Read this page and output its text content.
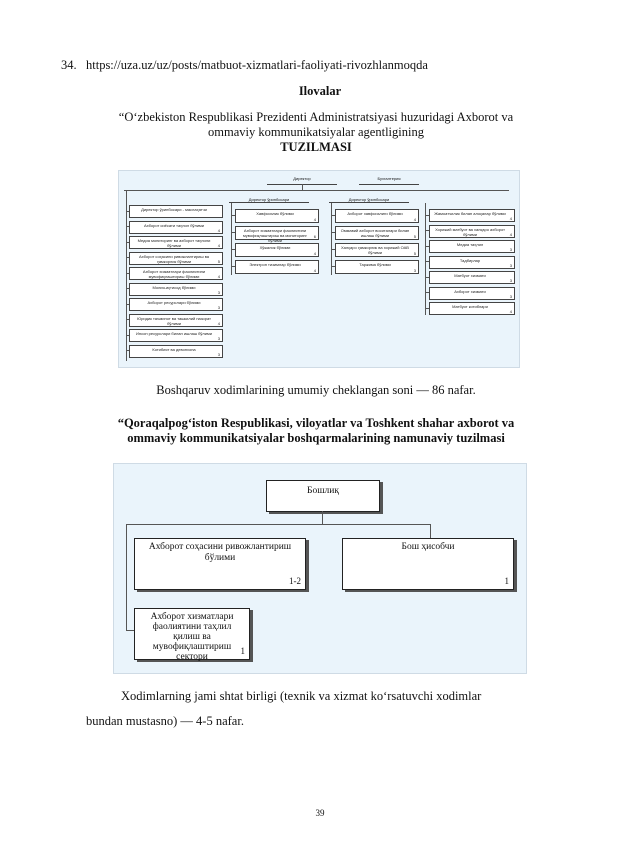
34. https://uza.uz/uz/posts/matbuot-xizmatlari-faoliyati-rivozhlanmoqda
Ilovalar
“O‘zbekiston Respublikasi Prezidenti Administratsiyasi huzuridagi Axborot va
ommaviy kommunikatsiyalar agentligining
TUZILMASI
Директор	Бухгалтерия
Директор ўринбосари	Директор ўринбосари
Директор ўринбосари - маслаҳатчи
Ахборот сиёсати таҳлил бўлими
4
Медиа мониторинг ва ахборот таҳлили бўлими	4
Ахборот соҳасини ривожлантириш ва ҳамкорлик бўлими	5
Ахборот хизматлари фаолиятини мувофиқлаштириш бўлими	4
Молия-иқтисод бўлими
3
Ахборот ресурслари бўлими
3
Юридик таъминот ва ташкилий назорат бўлими	4
Инсон ресурслари билан ишлаш бўлими
3
Котибият ва девонхона
3
Хавфсизлик бўлими
4
Ахборот хизматлари фаолиятини мувофиқлаштириш ва мониторинг бўлими
6
Хўжалик бўлими
4
Электрон тизимлар бўлими
4
Ахборот хавфсизлиги бўлими
4
Оммавий ахборот воситалари билан ишлаш бўлими	5
Халқаро ҳамкорлик ва хорижий ОАВ бўлими	5
Таржима бўлими
3
Жамоатчилик билан алоқалар бўлими
4
Хорижий матбуот ва халқаро ахборот бўлими	4
Медиа таҳлил
3
Тадбирлар
3
Матбуот хизмати
3
Ахборот хизмати
3
Матбуот котиблари
4
Boshqaruv xodimlarining umumiy cheklangan soni — 86 nafar.
“Qoraqalpog‘iston Respublikasi, viloyatlar va Toshkent shahar axborot va
ommaviy kommunikatsiyalar boshqarmalarining namunaviy tuzilmasi
Бошлиқ
Ахборот соҳасини ривожлантириш бўлими
1-2
Бош ҳисобчи
1
Ахборот хизматлари фаолиятини таҳлил қилиш ва мувофиқлаштириш сектори
1
Xodimlarning jami shtat birligi (texnik va xizmat ko‘rsatuvchi xodimlar
bundan mustasno) — 4-5 nafar.
39
